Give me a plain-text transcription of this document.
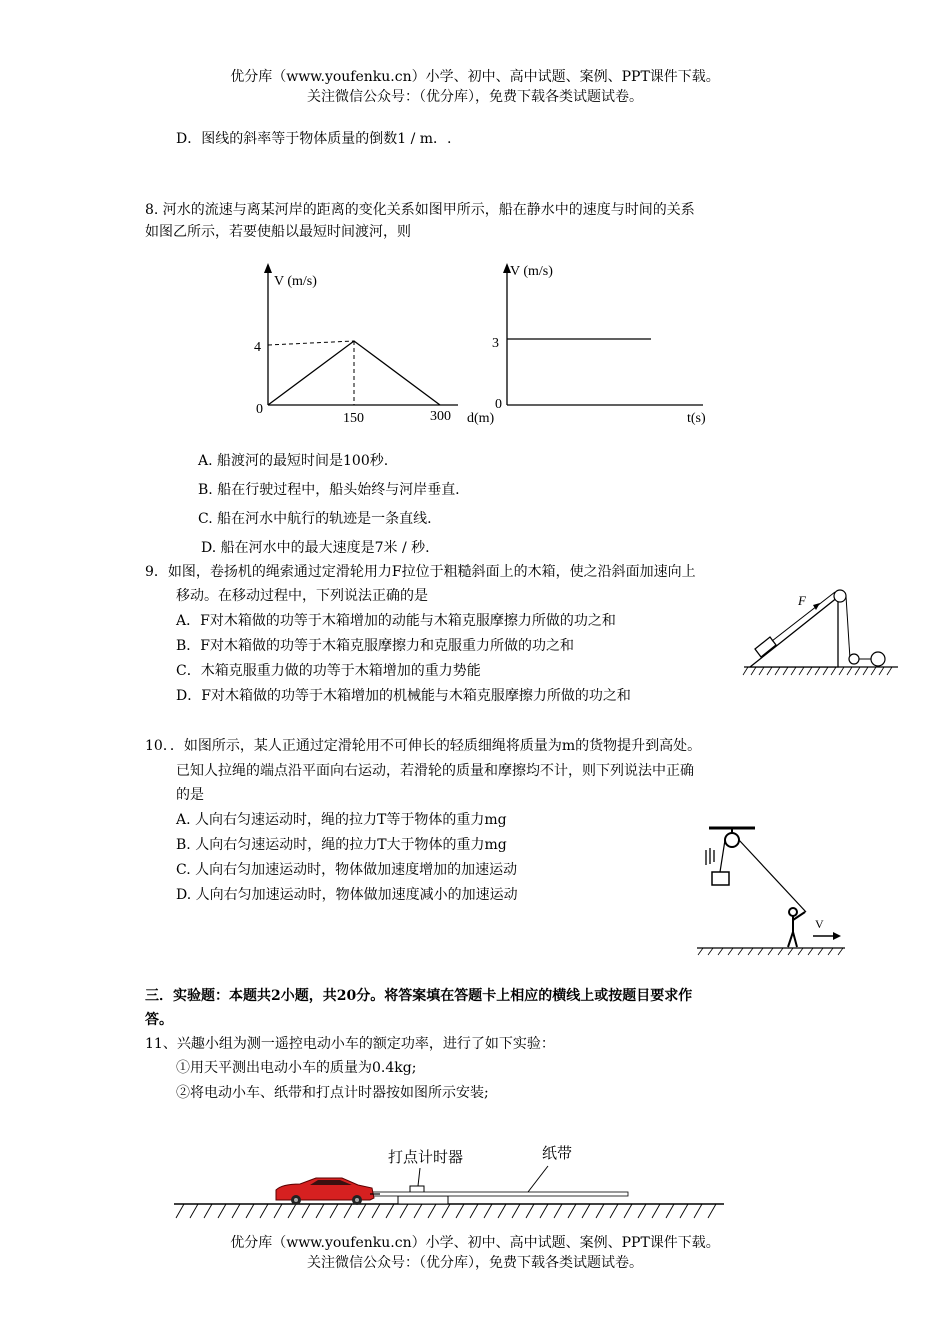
优分库（www.youfenku.cn）小学、初中、高中试题、案例、PPT课件下载。
关注微信公众号：（优分库），免费下载各类试题试卷。
D．图线的斜率等于物体质量的倒数1 / m．.
8. 河水的流速与离某河岸的距离的变化关系如图甲所示，船在静水中的速度与时间的关系
如图乙所示，若要使船以最短时间渡河，则
V (m/s)
4
0
150	300 d(m)
V (m/s)
3
0
t(s)
A. 船渡河的最短时间是100秒.
B. 船在行驶过程中，船头始终与河岸垂直.
C. 船在河水中航行的轨迹是一条直线.
D. 船在河水中的最大速度是7米 / 秒.
9．如图，卷扬机的绳索通过定滑轮用力F拉位于粗糙斜面上的木箱，使之沿斜面加速向上
移动。在移动过程中，下列说法正确的是
A．F对木箱做的功等于木箱增加的动能与木箱克服摩擦力所做的功之和
B．F对木箱做的功等于木箱克服摩擦力和克服重力所做的功之和
C．木箱克服重力做的功等于木箱增加的重力势能
D．F对木箱做的功等于木箱增加的机械能与木箱克服摩擦力所做的功之和
F
10．．如图所示，某人正通过定滑轮用不可伸长的轻质细绳将质量为m的货物提升到高处。
已知人拉绳的端点沿平面向右运动，若滑轮的质量和摩擦均不计，则下列说法中正确
的是
A. 人向右匀速运动时，绳的拉力T等于物体的重力mg
B. 人向右匀速运动时，绳的拉力T大于物体的重力mg
C. 人向右匀加速运动时，物体做加速度增加的加速运动
D. 人向右匀加速运动时，物体做加速度减小的加速运动
V
三．实验题：本题共2小题，共20分。将答案填在答题卡上相应的横线上或按题目要求作
答。
11、兴趣小组为测一遥控电动小车的额定功率，进行了如下实验：
①用天平测出电动小车的质量为0.4kg;
②将电动小车、纸带和打点计时器按如图所示安装;
打点计时器	纸带
优分库（www.youfenku.cn）小学、初中、高中试题、案例、PPT课件下载。
关注微信公众号：（优分库），免费下载各类试题试卷。
